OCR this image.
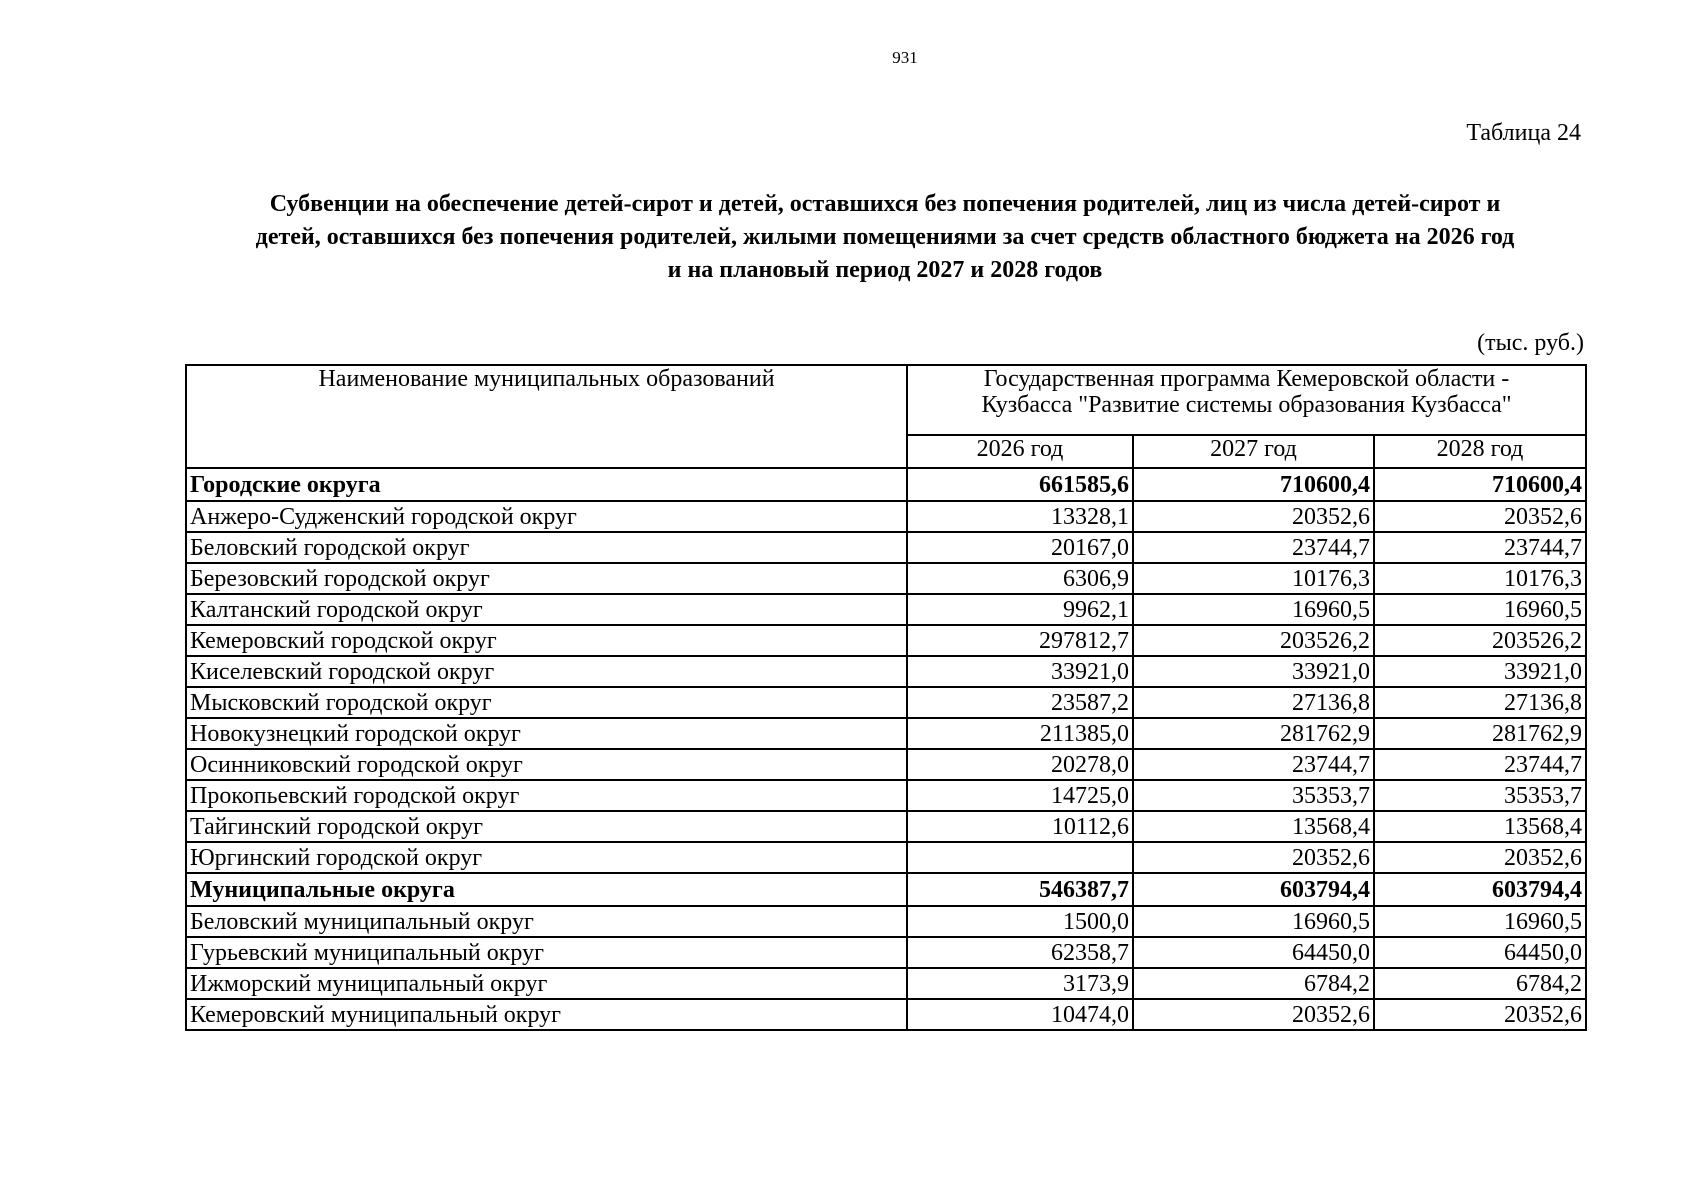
931
Таблица 24
Субвенции на обеспечение детей-сирот и детей, оставшихся без попечения родителей, лиц из числа детей-сирот и
детей, оставшихся без попечения родителей, жилыми помещениями за счет средств областного бюджета на 2026 год
и на плановый период 2027 и 2028 годов
(тыс. руб.)
Наименование муниципальных образований	Государственная программа Кемеровской области -
Кузбасса "Развитие системы образования Кузбасса"		

	2026 год	2027 год	2028 год
Городские округа	661585,6	710600,4	710600,4
Анжеро-Судженский городской округ	13328,1	20352,6	20352,6
Беловский городской округ	20167,0	23744,7	23744,7
Березовский городской округ	6306,9	10176,3	10176,3
Калтанский городской округ	9962,1	16960,5	16960,5
Кемеровский городской округ	297812,7	203526,2	203526,2
Киселевский городской округ	33921,0	33921,0	33921,0
Мысковский городской округ	23587,2	27136,8	27136,8
Новокузнецкий городской округ	211385,0	281762,9	281762,9
Осинниковский городской округ	20278,0	23744,7	23744,7
Прокопьевский городской округ	14725,0	35353,7	35353,7
Тайгинский городской округ	10112,6	13568,4	13568,4
Юргинский городской округ		20352,6	20352,6
Муниципальные округа	546387,7	603794,4	603794,4
Беловский муниципальный округ	1500,0	16960,5	16960,5
Гурьевский муниципальный округ	62358,7	64450,0	64450,0
Ижморский муниципальный округ	3173,9	6784,2	6784,2
Кемеровский муниципальный округ	10474,0	20352,6	20352,6
